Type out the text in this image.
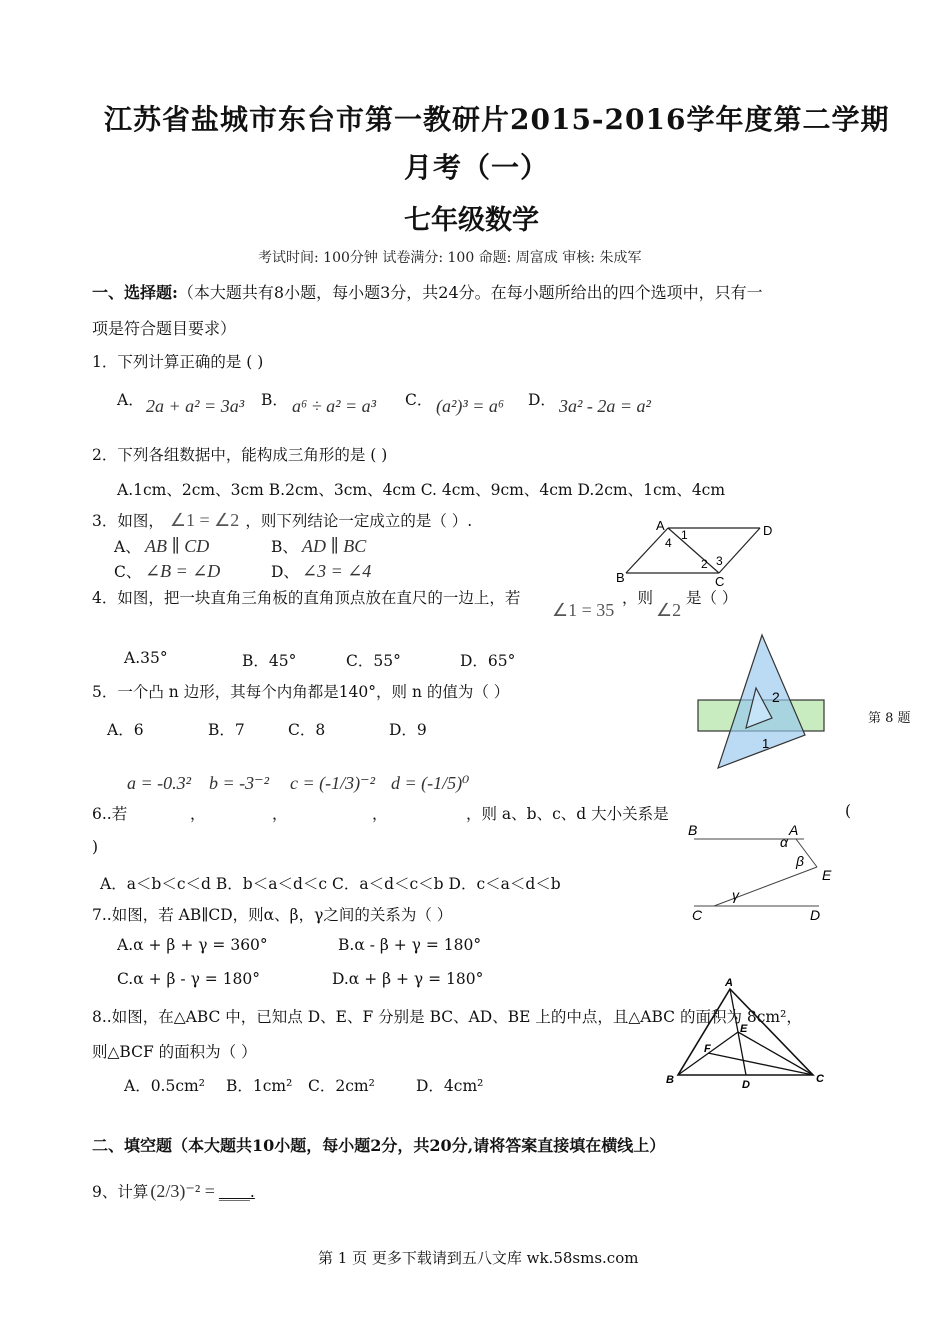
江苏省盐城市东台市第一教研片2015-2016学年度第二学期
月考（一）
七年级数学
考试时间: 100分钟 试卷满分: 100 命题: 周富成 审核: 朱成军
一、选择题:（本大题共有8小题，每小题3分，共24分。在每小题所给出的四个选项中，只有一
项是符合题目要求）
1．下列计算正确的是 ( )
A． 2a + a² = 3a³ B． a⁶ ÷ a² = a³ C． (a²)³ = a⁶ D． 3a² - 2a = a²
2．下列各组数据中，能构成三角形的是 ( )
A.1cm、2cm、3cm B.2cm、3cm、4cm C. 4cm、9cm、4cm D.2cm、1cm、4cm
3．如图， ∠1 = ∠2 ，则下列结论一定成立的是（ ）.
A、 AB ∥ CD	B、 AD ∥ BC
C、 ∠B = ∠D	D、 ∠3 = ∠4
A	D
B	C
1
4
2 3
4．如图，把一块直角三角板的直角顶点放在直尺的一边上，若
∠1 = 35
，则
∠2
是（ ）
A.35°	B．45°	C．55°	D．65°
2
1
第 8 题
5．一个凸 n 边形，其每个内角都是140°，则 n 的值为（ ）
A．6	B．7	C．8	D．9
a = -0.3² b = -3⁻² c = (-1/3)⁻² d = (-1/5)⁰
6..若	，	，	，	，则 a、b、c、d 大小关系是	(
)
A．a＜b＜c＜d B．b＜a＜d＜c C．a＜d＜c＜b D．c＜a＜d＜b
B	A
α
β
E
γ
C	D
7..如图，若 AB∥CD，则α、β，γ之间的关系为（ ）
A.α + β + γ = 360°	B.α - β + γ = 180°
C.α + β - γ = 180°	D.α + β + γ = 180°
8..如图，在△ABC 中，已知点 D、E、F 分别是 BC、AD、BE 上的中点，且△ABC 的面积为 8cm²，
则△BCF 的面积为（ ）
A．0.5cm² B．1cm² C．2cm²	D．4cm²
A
E
F
B	D	C
二、填空题（本大题共10小题，每小题2分，共20分,请将答案直接填在横线上）
9、计算 (2/3)⁻² = ____.
第 1 页 更多下载请到五八文库 wk.58sms.com
